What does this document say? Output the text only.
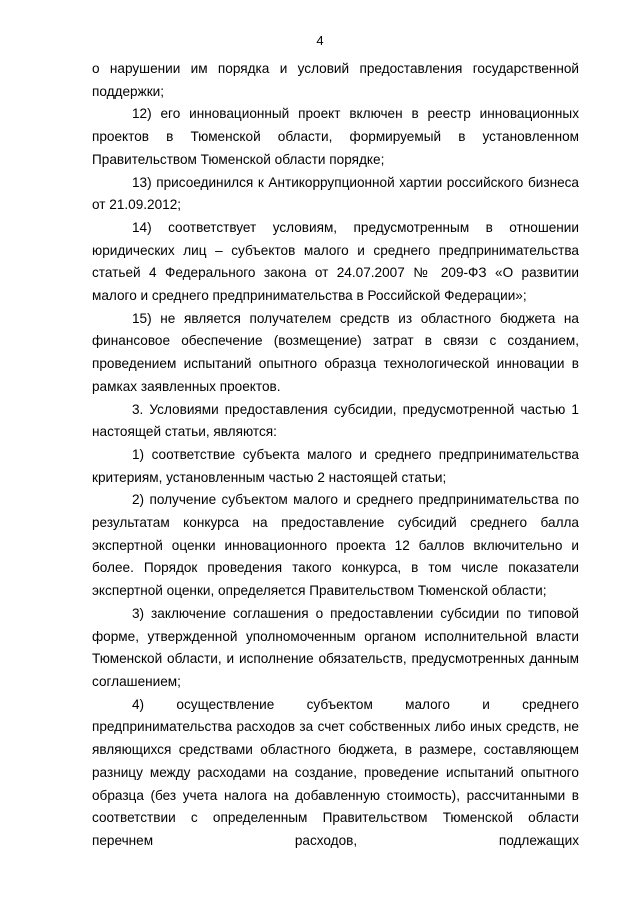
4

о нарушении им порядка и условий предоставления государственной поддержки;

12) его инновационный проект включен в реестр инновационных проектов в Тюменской области, формируемый в установленном Правительством Тюменской области порядке;

13) присоединился к Антикоррупционной хартии российского бизнеса от 21.09.2012;

14) соответствует условиям, предусмотренным в отношении юридических лиц – субъектов малого и среднего предпринимательства статьей 4 Федерального закона от 24.07.2007 № 209-ФЗ «О развитии малого и среднего предпринимательства в Российской Федерации»;

15) не является получателем средств из областного бюджета на финансовое обеспечение (возмещение) затрат в связи с созданием, проведением испытаний опытного образца технологической инновации в рамках заявленных проектов.

3. Условиями предоставления субсидии, предусмотренной частью 1 настоящей статьи, являются:

1) соответствие субъекта малого и среднего предпринимательства критериям, установленным частью 2 настоящей статьи;

2) получение субъектом малого и среднего предпринимательства по результатам конкурса на предоставление субсидий среднего балла экспертной оценки инновационного проекта 12 баллов включительно и более. Порядок проведения такого конкурса, в том числе показатели экспертной оценки, определяется Правительством Тюменской области;

3) заключение соглашения о предоставлении субсидии по типовой форме, утвержденной уполномоченным органом исполнительной власти Тюменской области, и исполнение обязательств, предусмотренных данным соглашением;

4) осуществление субъектом малого и среднего предпринимательства расходов за счет собственных либо иных средств, не являющихся средствами областного бюджета, в размере, составляющем разницу между расходами на создание, проведение испытаний опытного образца (без учета налога на добавленную стоимость), рассчитанными в соответствии с определенным Правительством Тюменской области перечнем расходов, подлежащих
